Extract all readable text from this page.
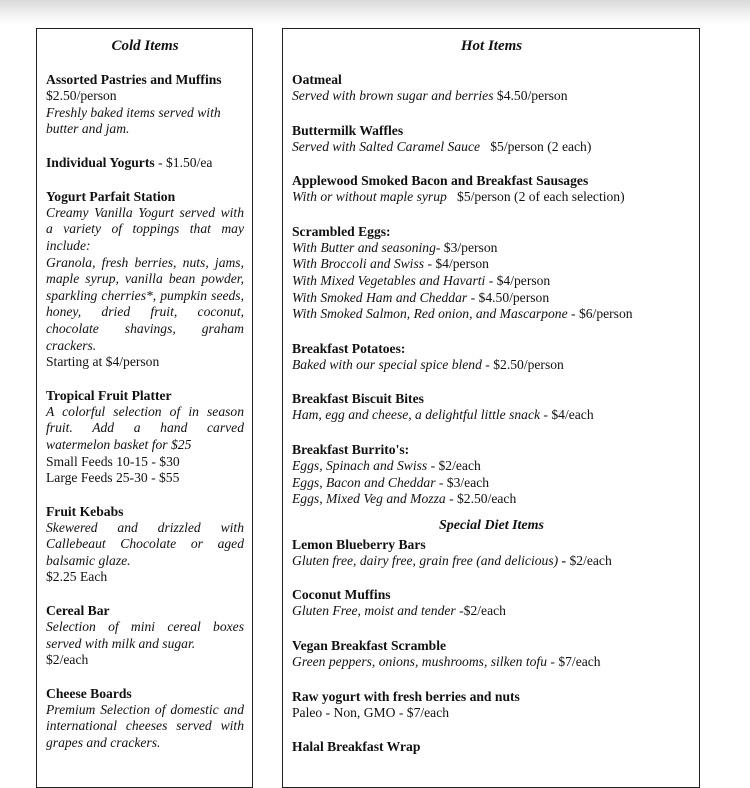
Cold Items
Assorted Pastries and Muffins
$2.50/person
Freshly baked items served with butter and jam.
Individual Yogurts - $1.50/ea
Yogurt Parfait Station
Creamy Vanilla Yogurt served with a variety of toppings that may include:
Granola, fresh berries, nuts, jams, maple syrup, vanilla bean powder, sparkling cherries*, pumpkin seeds, honey, dried fruit, coconut, chocolate shavings, graham crackers.
Starting at $4/person
Tropical Fruit Platter
A colorful selection of in season fruit. Add a hand carved watermelon basket for $25
Small Feeds 10-15 - $30
Large Feeds 25-30 - $55
Fruit Kebabs
Skewered and drizzled with Callebeaut Chocolate or aged balsamic glaze.
$2.25 Each
Cereal Bar
Selection of mini cereal boxes served with milk and sugar.
$2/each
Cheese Boards
Premium Selection of domestic and international cheeses served with grapes and crackers.
Hot Items
Oatmeal
Served with brown sugar and berries $4.50/person
Buttermilk Waffles
Served with Salted Caramel Sauce $5/person (2 each)
Applewood Smoked Bacon and Breakfast Sausages
With or without maple syrup $5/person (2 of each selection)
Scrambled Eggs:
With Butter and seasoning- $3/person
With Broccoli and Swiss - $4/person
With Mixed Vegetables and Havarti - $4/person
With Smoked Ham and Cheddar - $4.50/person
With Smoked Salmon, Red onion, and Mascarpone - $6/person
Breakfast Potatoes:
Baked with our special spice blend - $2.50/person
Breakfast Biscuit Bites
Ham, egg and cheese, a delightful little snack - $4/each
Breakfast Burrito's:
Eggs, Spinach and Swiss - $2/each
Eggs, Bacon and Cheddar - $3/each
Eggs, Mixed Veg and Mozza - $2.50/each
Special Diet Items
Lemon Blueberry Bars
Gluten free, dairy free, grain free (and delicious) - $2/each
Coconut Muffins
Gluten Free, moist and tender -$2/each
Vegan Breakfast Scramble
Green peppers, onions, mushrooms, silken tofu - $7/each
Raw yogurt with fresh berries and nuts
Paleo - Non, GMO - $7/each
Halal Breakfast Wrap
